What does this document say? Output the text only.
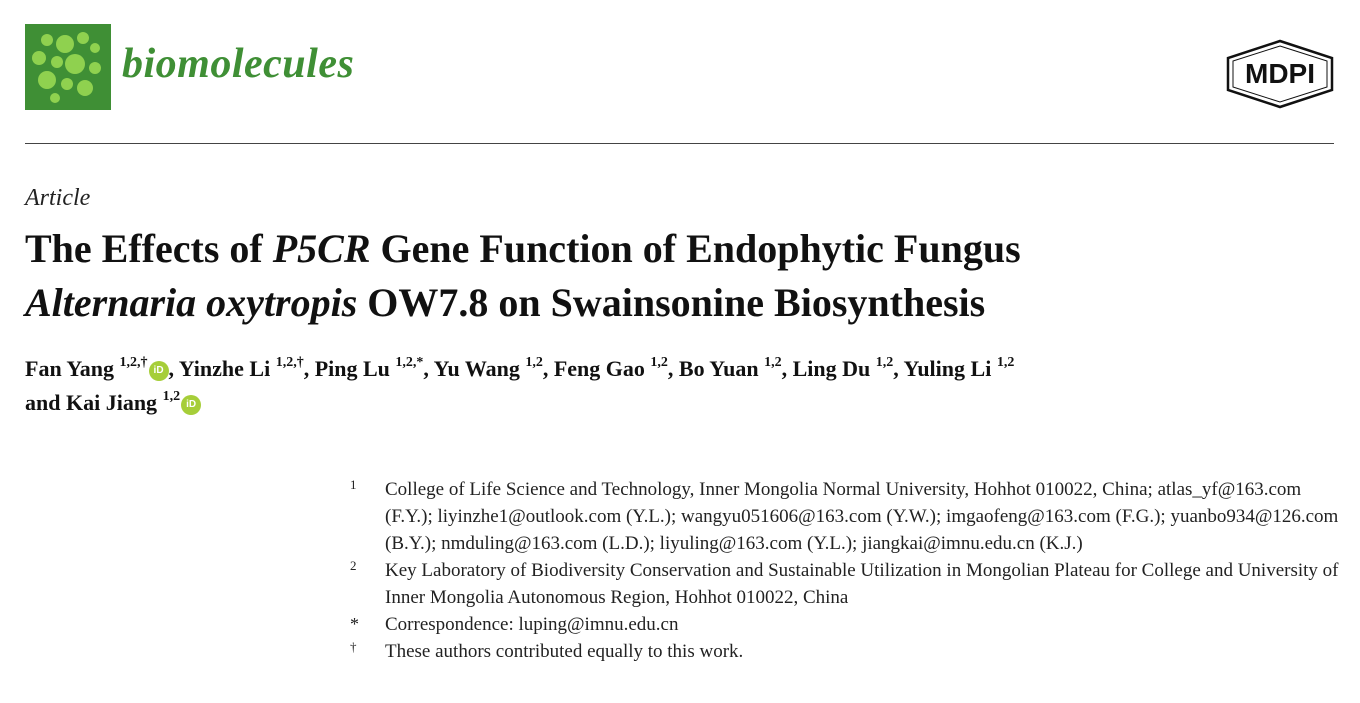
biomolecules	MDPI
Article
The Effects of P5CR Gene Function of Endophytic Fungus
Alternaria oxytropis OW7.8 on Swainsonine Biosynthesis
Fan Yang $^{1,2,\dagger}$iD , Yinzhe Li $^{1,2,\dagger}$, Ping Lu $^{1,2,*}$, Yu Wang $^{1,2}$, Feng Gao $^{1,2}$, Bo Yuan $^{1,2}$, Ling Du $^{1,2}$, Yuling Li $^{1,2}$
and Kai Jiang $^{1,2}$iD
1	College of Life Science and Technology, Inner Mongolia Normal University, Hohhot 010022, China; atlas_yf@163.com (F.Y.); liyinzhe1@outlook.com (Y.L.); wangyu051606@163.com (Y.W.); imgaofeng@163.com (F.G.); yuanbo934@126.com (B.Y.); nmduling@163.com (L.D.); liyuling@163.com (Y.L.); jiangkai@imnu.edu.cn (K.J.)
2	Key Laboratory of Biodiversity Conservation and Sustainable Utilization in Mongolian Plateau for College and University of Inner Mongolia Autonomous Region, Hohhot 010022, China
*	Correspondence: luping@imnu.edu.cn
†	These authors contributed equally to this work.
